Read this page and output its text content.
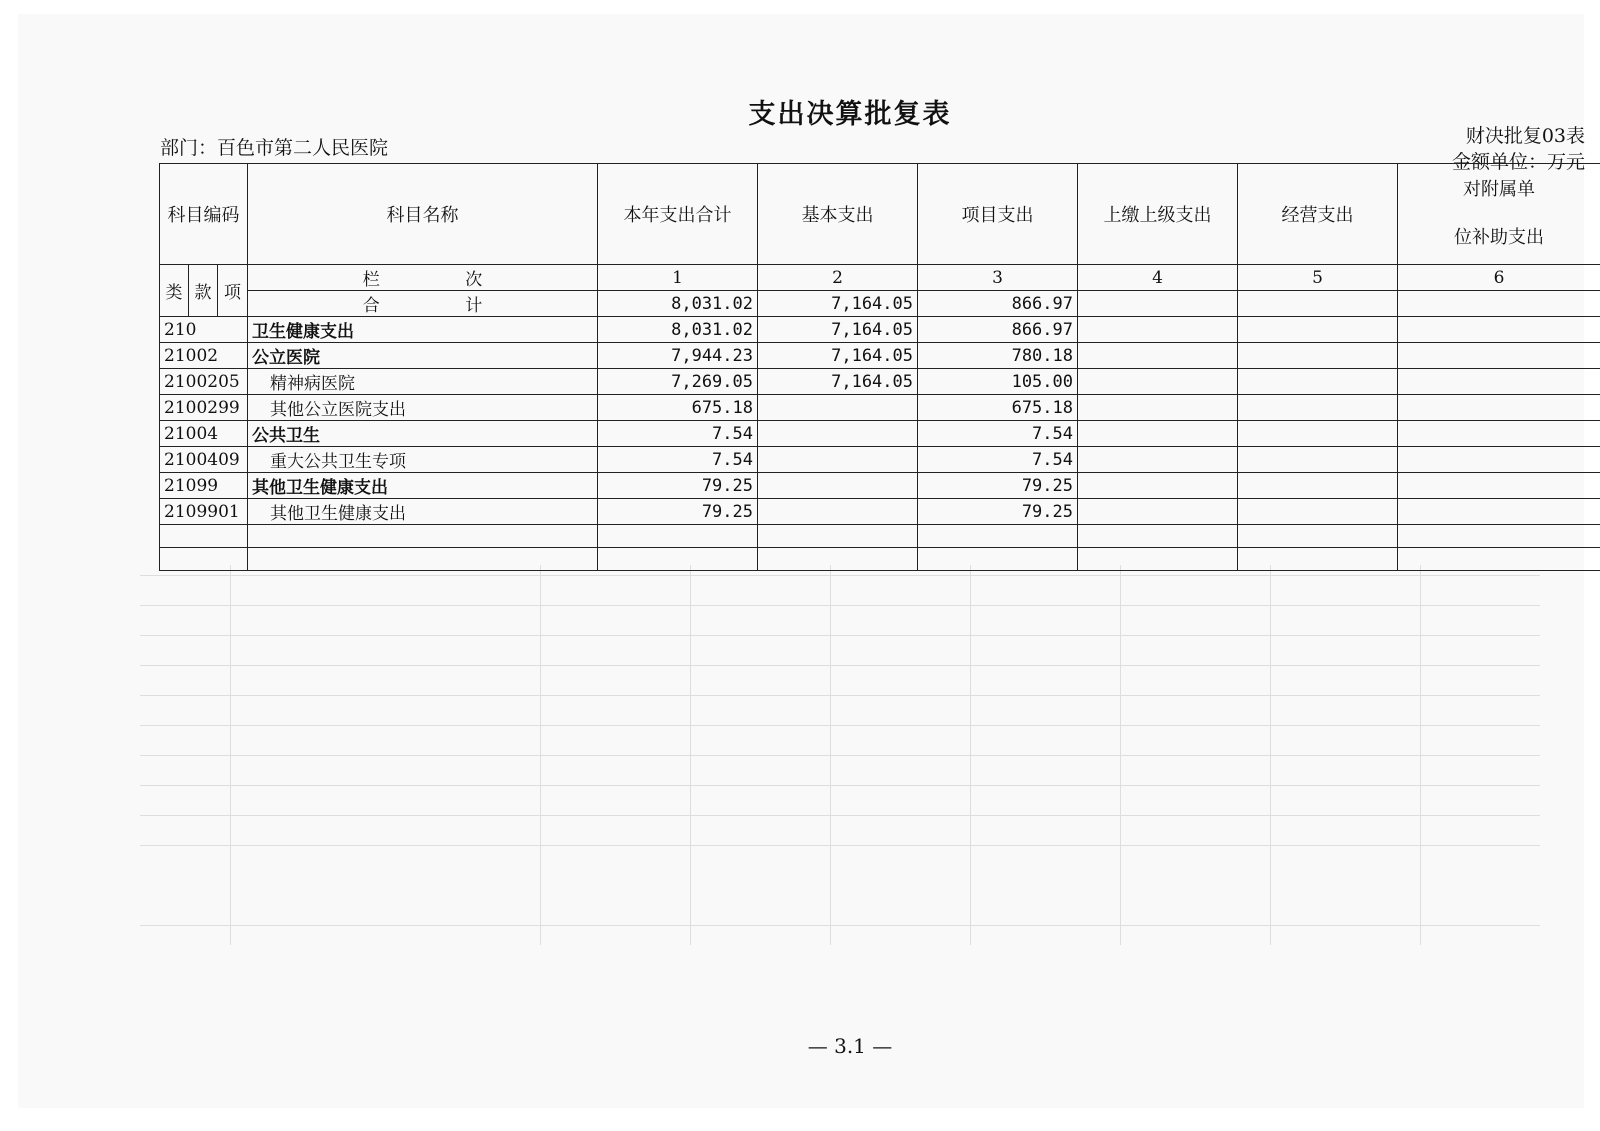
支出决算批复表
部门：百色市第二人民医院
财决批复03表
金额单位：万元
科目编码			科目名称	本年支出合计	基本支出	项目支出	上缴上级支出	经营支出	对附属单
位补助支出
类	款	项	栏 次	1	2	3	4	5	6
			合 计	8,031.02	7,164.05	866.97			
210			卫生健康支出	8,031.02	7,164.05	866.97			
21002			公立医院	7,944.23	7,164.05	780.18			
2100205			精神病医院	7,269.05	7,164.05	105.00			
2100299			其他公立医院支出	675.18		675.18			
21004			公共卫生	7.54		7.54			
2100409			重大公共卫生专项	7.54		7.54			
21099			其他卫生健康支出	79.25		79.25			
2109901			其他卫生健康支出	79.25		79.25			

— 3.1 —
